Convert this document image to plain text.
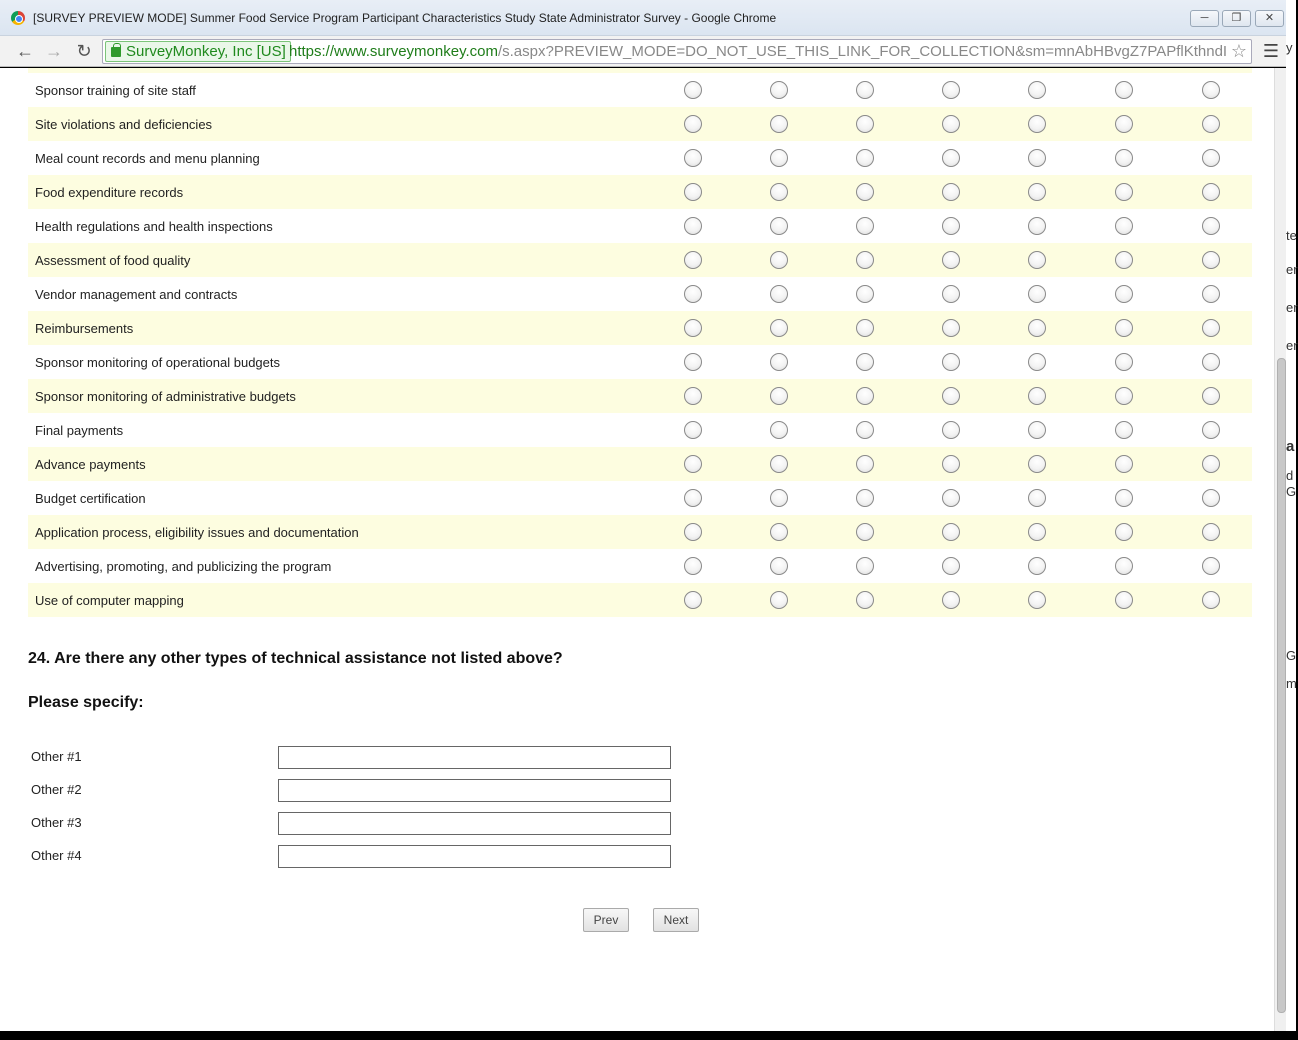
[SURVEY PREVIEW MODE] Summer Food Service Program Participant Characteristics Study State Administrator Survey - Google Chrome	─	❐	✕
← → ↻	SurveyMonkey, Inc [US] https://www.surveymonkey.com/s.aspx?PREVIEW_MODE=DO_NOT_USE_THIS_LINK_FOR_COLLECTION&sm=mnAbHBvgZ7PAPflKthndI ☆ ☰
Sponsor training of site staff
Site violations and deficiencies
Meal count records and menu planning
Food expenditure records
Health regulations and health inspections
Assessment of food quality
Vendor management and contracts
Reimbursements
Sponsor monitoring of operational budgets
Sponsor monitoring of administrative budgets
Final payments
Advance payments
Budget certification
Application process, eligibility issues and documentation
Advertising, promoting, and publicizing the program
Use of computer mapping
24. Are there any other types of technical assistance not listed above?
Please specify:
Other #1
Other #2
Other #3
Other #4
Prev	Next
y
te
er
er
er
a
d
G
G
m
